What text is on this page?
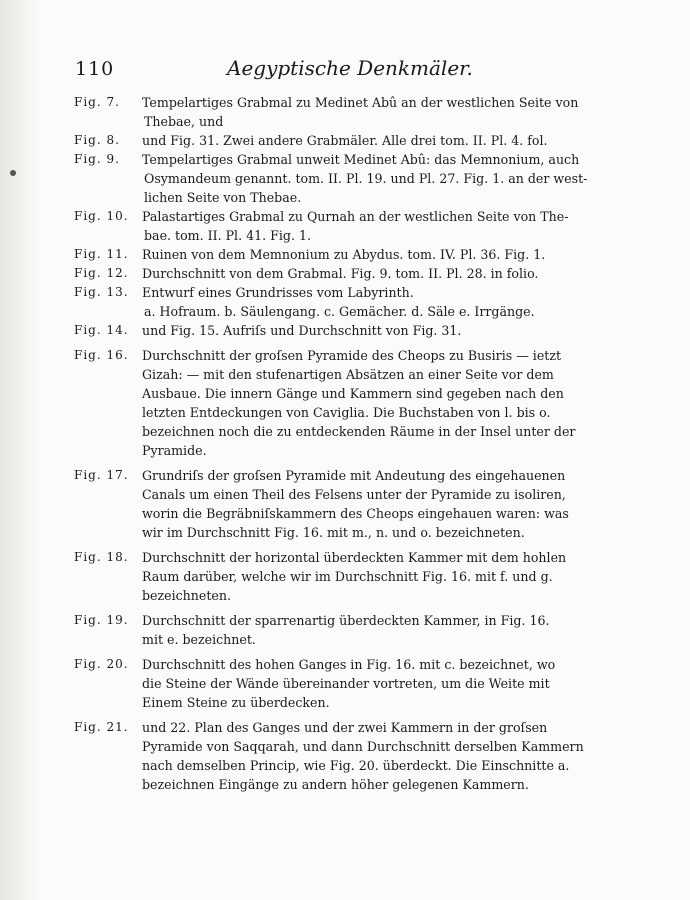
110	Aegyptische Denkmäler.
Fig. 7.	Tempelartiges Grabmal zu Medinet Abû an der westlichen Seite von
Thebae, und
Fig. 8.	und Fig. 31. Zwei andere Grabmäler. Alle drei tom. II. Pl. 4. fol.
Fig. 9.	Tempelartiges Grabmal unweit Medinet Abû: das Memnonium, auch
Osymandeum genannt. tom. II. Pl. 19. und Pl. 27. Fig. 1. an der west-
lichen Seite von Thebae.
Fig. 10.	Palastartiges Grabmal zu Qurnah an der westlichen Seite von The-
bae. tom. II. Pl. 41. Fig. 1.
Fig. 11.	Ruinen von dem Memnonium zu Abydus. tom. IV. Pl. 36. Fig. 1.
Fig. 12.	Durchschnitt von dem Grabmal. Fig. 9. tom. II. Pl. 28. in folio.
Fig. 13.	Entwurf eines Grundrisses vom Labyrinth.
a. Hofraum. b. Säulengang. c. Gemächer. d. Säle e. Irrgänge.
Fig. 14.	und Fig. 15. Aufriſs und Durchschnitt von Fig. 31.
Fig. 16.	Durchschnitt der groſsen Pyramide des Cheops zu Busiris — ietzt
Gizah: — mit den stufenartigen Absätzen an einer Seite vor dem
Ausbaue. Die innern Gänge und Kammern sind gegeben nach den
letzten Entdeckungen von Caviglia. Die Buchstaben von l. bis o.
bezeichnen noch die zu entdeckenden Räume in der Insel unter der
Pyramide.
Fig. 17.	Grundriſs der groſsen Pyramide mit Andeutung des eingehauenen
Canals um einen Theil des Felsens unter der Pyramide zu isoliren,
worin die Begräbniſskammern des Cheops eingehauen waren: was
wir im Durchschnitt Fig. 16. mit m., n. und o. bezeichneten.
Fig. 18.	Durchschnitt der horizontal überdeckten Kammer mit dem hohlen
Raum darüber, welche wir im Durchschnitt Fig. 16. mit f. und g.
bezeichneten.
Fig. 19.	Durchschnitt der sparrenartig überdeckten Kammer, in Fig. 16.
mit e. bezeichnet.
Fig. 20.	Durchschnitt des hohen Ganges in Fig. 16. mit c. bezeichnet, wo
die Steine der Wände übereinander vortreten, um die Weite mit
Einem Steine zu überdecken.
Fig. 21.	und 22. Plan des Ganges und der zwei Kammern in der groſsen
Pyramide von Saqqarah, und dann Durchschnitt derselben Kammern
nach demselben Princip, wie Fig. 20. überdeckt. Die Einschnitte a.
bezeichnen Eingänge zu andern höher gelegenen Kammern.
